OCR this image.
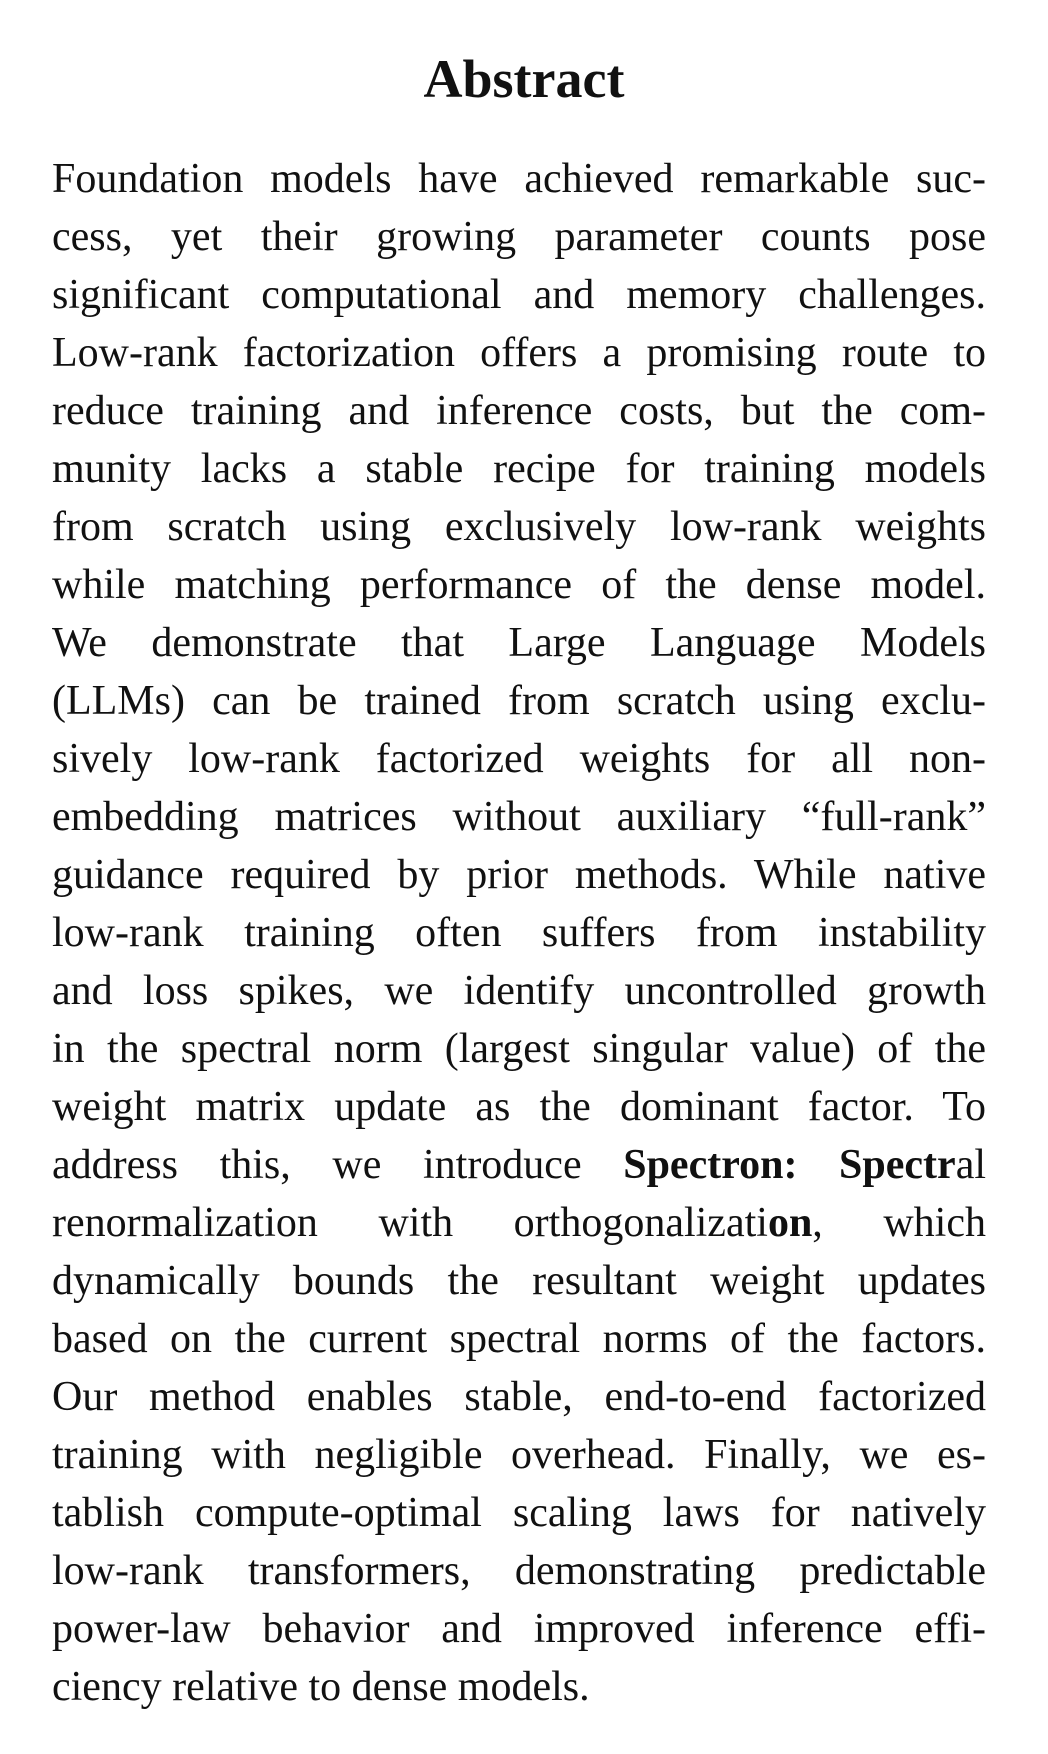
Abstract
Foundation models have achieved remarkable suc-
cess, yet their growing parameter counts pose
significant computational and memory challenges.
Low-rank factorization offers a promising route to
reduce training and inference costs, but the com-
munity lacks a stable recipe for training models
from scratch using exclusively low-rank weights
while matching performance of the dense model.
We demonstrate that Large Language Models
(LLMs) can be trained from scratch using exclu-
sively low-rank factorized weights for all non-
embedding matrices without auxiliary “full-rank”
guidance required by prior methods. While native
low-rank training often suffers from instability
and loss spikes, we identify uncontrolled growth
in the spectral norm (largest singular value) of the
weight matrix update as the dominant factor. To
address this, we introduce Spectron: Spectral
renormalization with orthogonalization, which
dynamically bounds the resultant weight updates
based on the current spectral norms of the factors.
Our method enables stable, end-to-end factorized
training with negligible overhead. Finally, we es-
tablish compute-optimal scaling laws for natively
low-rank transformers, demonstrating predictable
power-law behavior and improved inference effi-
ciency relative to dense models.
